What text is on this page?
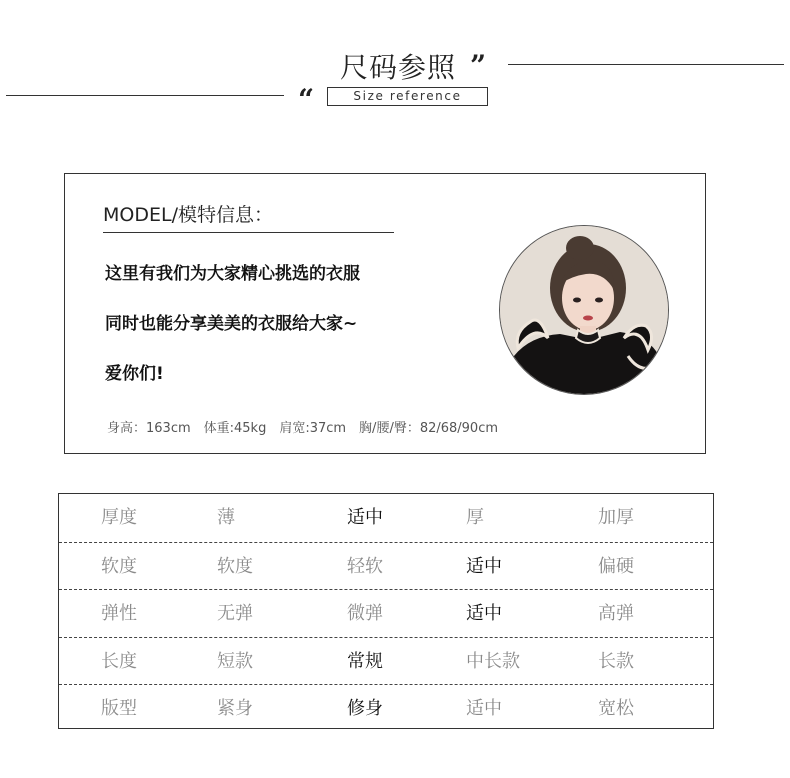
尺码参照 ”
“	Size reference
MODEL/模特信息：
这里有我们为大家精心挑选的衣服
同时也能分享美美的衣服给大家~
爱你们!
身高：163cm　体重:45kg　肩宽:37cm　胸/腰/臀：82/68/90cm
厚度	薄	适中	厚	加厚
软度	软度	轻软	适中	偏硬
弹性	无弹	微弹	适中	高弹
长度	短款	常规	中长款	长款
版型	紧身	修身	适中	宽松
